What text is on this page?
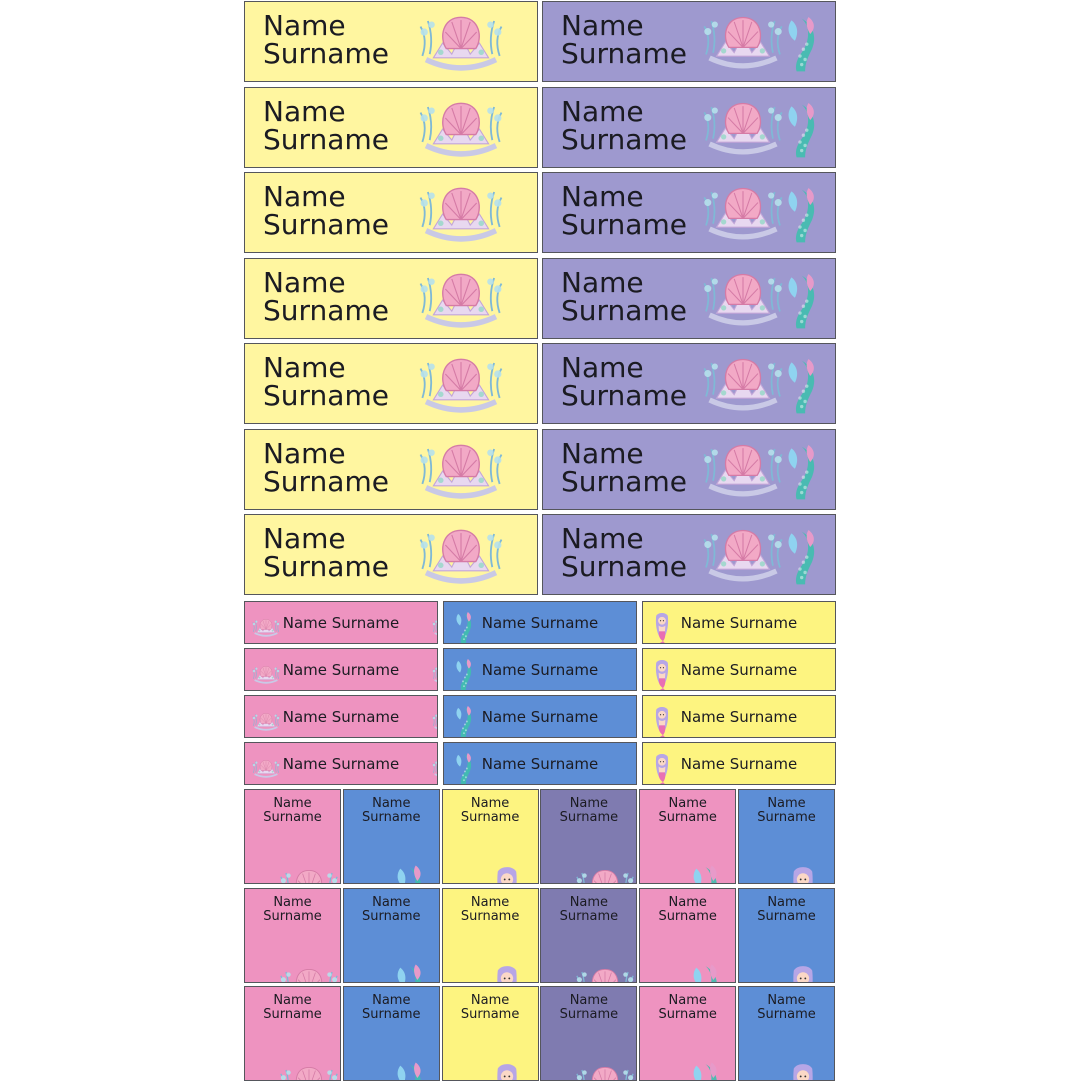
Name
Surname
Name
Surname
Name
Surname
Name
Surname
Name
Surname
Name
Surname
Name
Surname
Name
Surname
Name
Surname
Name
Surname
Name
Surname
Name
Surname
Name
Surname
Name
Surname
Name Surname	Name Surname	Name Surname
Name Surname	Name Surname	Name Surname
Name Surname	Name Surname	Name Surname
Name Surname	Name Surname	Name Surname
Name
Surname
Name
Surname
Name
Surname
Name
Surname
Name
Surname
Name
Surname
Name
Surname
Name
Surname
Name
Surname
Name
Surname
Name
Surname
Name
Surname
Name
Surname
Name
Surname
Name
Surname
Name
Surname
Name
Surname
Name
Surname
